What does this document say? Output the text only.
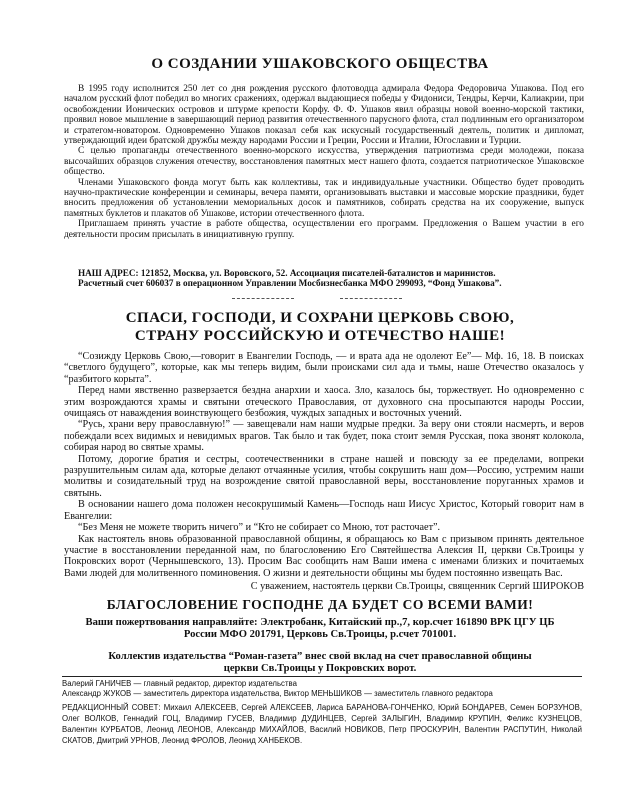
О СОЗДАНИИ УШАКОВСКОГО ОБЩЕСТВА

В 1995 году исполнится 250 лет со дня рождения русского флотоводца адмирала Федора Федоровича Ушакова. Под его началом русский флот победил во многих сражениях, одержал выдающиеся победы у Фидониси, Тендры, Керчи, Калиакрии, при освобождении Ионических островов и штурме крепости Корфу. Ф. Ф. Ушаков явил образцы новой военно-морской тактики, проявил новое мышление в завершающий период развития отечественного парусного флота, стал подлинным его организатором и стратегом-новатором. Одновременно Ушаков показал себя как искусный государственный деятель, политик и дипломат, утверждающий идеи братской дружбы между народами России и Греции, России и Италии, Югославии и Турции.

С целью пропаганды отечественного военно-морского искусства, утверждения патриотизма среди молодежи, показа высочайших образцов служения отечеству, восстановления памятных мест нашего флота, создается патриотическое Ушаковское общество.

Членами Ушаковского фонда могут быть как коллективы, так и индивидуальные участники. Общество будет проводить научно-практические конференции и семинары, вечера памяти, организовывать выставки и массовые морские праздники, будет вносить предложения об установлении мемориальных досок и памятников, собирать средства на их сооружение, выпуск памятных буклетов и плакатов об Ушакове, истории отечественного флота.

Приглашаем принять участие в работе общества, осуществлении его программ. Предложения о Вашем участии в его деятельности просим присылать в инициативную группу.

НАШ АДРЕС: 121852, Москва, ул. Воровского, 52. Ассоциация писателей-баталистов и маринистов.

Расчетный счет 606037 в операционном Управлении Мосбизнесбанка МФО 299093, “Фонд Ушакова”.

СПАСИ, ГОСПОДИ, И СОХРАНИ ЦЕРКОВЬ СВОЮ,
СТРАНУ РОССИЙСКУЮ И ОТЕЧЕСТВО НАШЕ!

“Созижду Церковь Свою,—говорит в Евангелии Господь, — и врата ада не одолеют Ее”— Мф. 16, 18. В поисках “светлого будущего”, которые, как мы теперь видим, были происками сил ада и тьмы, наше Отечество оказалось у “разбитого корыта”.

Перед нами явственно разверзается бездна анархии и хаоса. Зло, казалось бы, торжествует. Но одновременно с этим возрождаются храмы и святыни отеческого Православия, от духовного сна просыпаются народы России, очищаясь от наваждения воинствующего безбожия, чуждых западных и восточных учений.

“Русь, храни веру православную!” — завещевали нам наши мудрые предки. За веру они стояли насмерть, и веров побеждали всех видимых и невидимых врагов. Так было и так будет, пока стоит земля Русская, пока звонят колокола, собирая народ во святые храмы.

Потому, дорогие братия и сестры, соотечественники в стране нашей и повсюду за ее пределами, вопреки разрушительным силам ада, которые делают отчаянные усилия, чтобы сокрушить наш дом—Россию, устремим наши молитвы и созидательный труд на возрождение святой православной веры, восстановление поруганных храмов и святынь.

В основании нашего дома положен несокрушимый Камень—Господь наш Иисус Христос, Который говорит нам в Евангелии:

“Без Меня не можете творить ничего” и “Кто не собирает со Мною, тот расточает”.

Как настоятель вновь образованной православной общины, я обращаюсь ко Вам с призывом принять деятельное участие в восстановлении переданной нам, по благословению Его Святейшества Алексия II, церкви Св.Троицы у Покровских ворот (Чернышевского, 13). Просим Вас сообщить нам Ваши имена с именами близких и почитаемых Вами людей для молитвенного поминовения. О жизни и деятельности общины мы будем постоянно извещать Вас.

С уважением, настоятель церкви Св.Троицы, священник Сергий ШИРОКОВ
БЛАГОСЛОВЕНИЕ ГОСПОДНЕ ДА БУДЕТ СО ВСЕМИ ВАМИ!
Ваши пожертвования направляйте: Электробанк, Китайский пр.,7, кор.счет 161890 ВРК ЦГУ ЦБ
России МФО 201791, Церковь Св.Троицы, р.счет 701001.
Коллектив издательства “Роман-газета” внес свой вклад на счет православной общины
церкви Св.Троицы у Покровских ворот.
Валерий ГАНИЧЕВ — главный редактор, директор издательства
Александр ЖУКОВ — заместитель директора издательства, Виктор МЕНЬШИКОВ — заместитель главного редактора
РЕДАКЦИОННЫЙ СОВЕТ: Михаил АЛЕКСЕЕВ, Сергей АЛЕКСЕЕВ, Лариса БАРАНОВА-ГОНЧЕНКО, Юрий БОНДАРЕВ, Семен БОРЗУНОВ, Олег ВОЛКОВ, Геннадий ГОЦ, Владимир ГУСЕВ, Владимир ДУДИНЦЕВ, Сергей ЗАЛЫГИН, Владимир КРУПИН, Феликс КУЗНЕЦОВ, Валентин КУРБАТОВ, Леонид ЛЕОНОВ, Александр МИХАЙЛОВ, Василий НОВИКОВ, Петр ПРОСКУРИН, Валентин РАСПУТИН, Николай СКАТОВ, Дмитрий УРНОВ, Леонид ФРОЛОВ, Леонид ХАНБЕКОВ.
